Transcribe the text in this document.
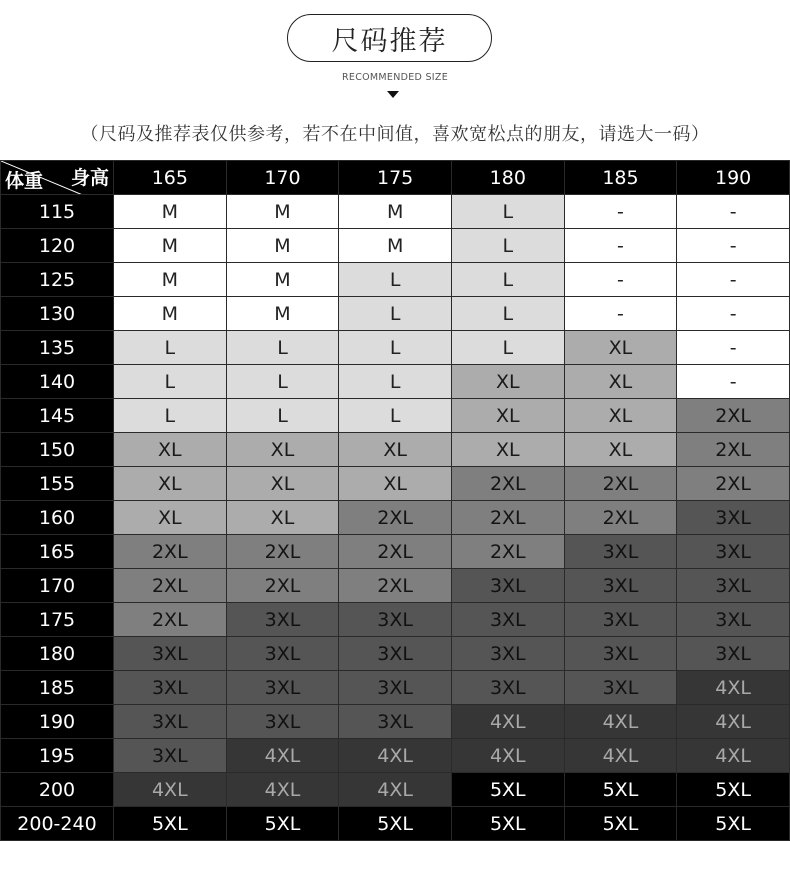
尺码推荐
RECOMMENDED SIZE
（尺码及推荐表仅供参考，若不在中间值，喜欢宽松点的朋友，请选大一码）
身高
体重	165	170	175	180	185	190
115	M	M	M	L	-	-
120	M	M	M	L	-	-
125	M	M	L	L	-	-
130	M	M	L	L	-	-
135	L	L	L	L	XL	-
140	L	L	L	XL	XL	-
145	L	L	L	XL	XL	2XL
150	XL	XL	XL	XL	XL	2XL
155	XL	XL	XL	2XL	2XL	2XL
160	XL	XL	2XL	2XL	2XL	3XL
165	2XL	2XL	2XL	2XL	3XL	3XL
170	2XL	2XL	2XL	3XL	3XL	3XL
175	2XL	3XL	3XL	3XL	3XL	3XL
180	3XL	3XL	3XL	3XL	3XL	3XL
185	3XL	3XL	3XL	3XL	3XL	4XL
190	3XL	3XL	3XL	4XL	4XL	4XL
195	3XL	4XL	4XL	4XL	4XL	4XL
200	4XL	4XL	4XL	5XL	5XL	5XL
200-240	5XL	5XL	5XL	5XL	5XL	5XL
